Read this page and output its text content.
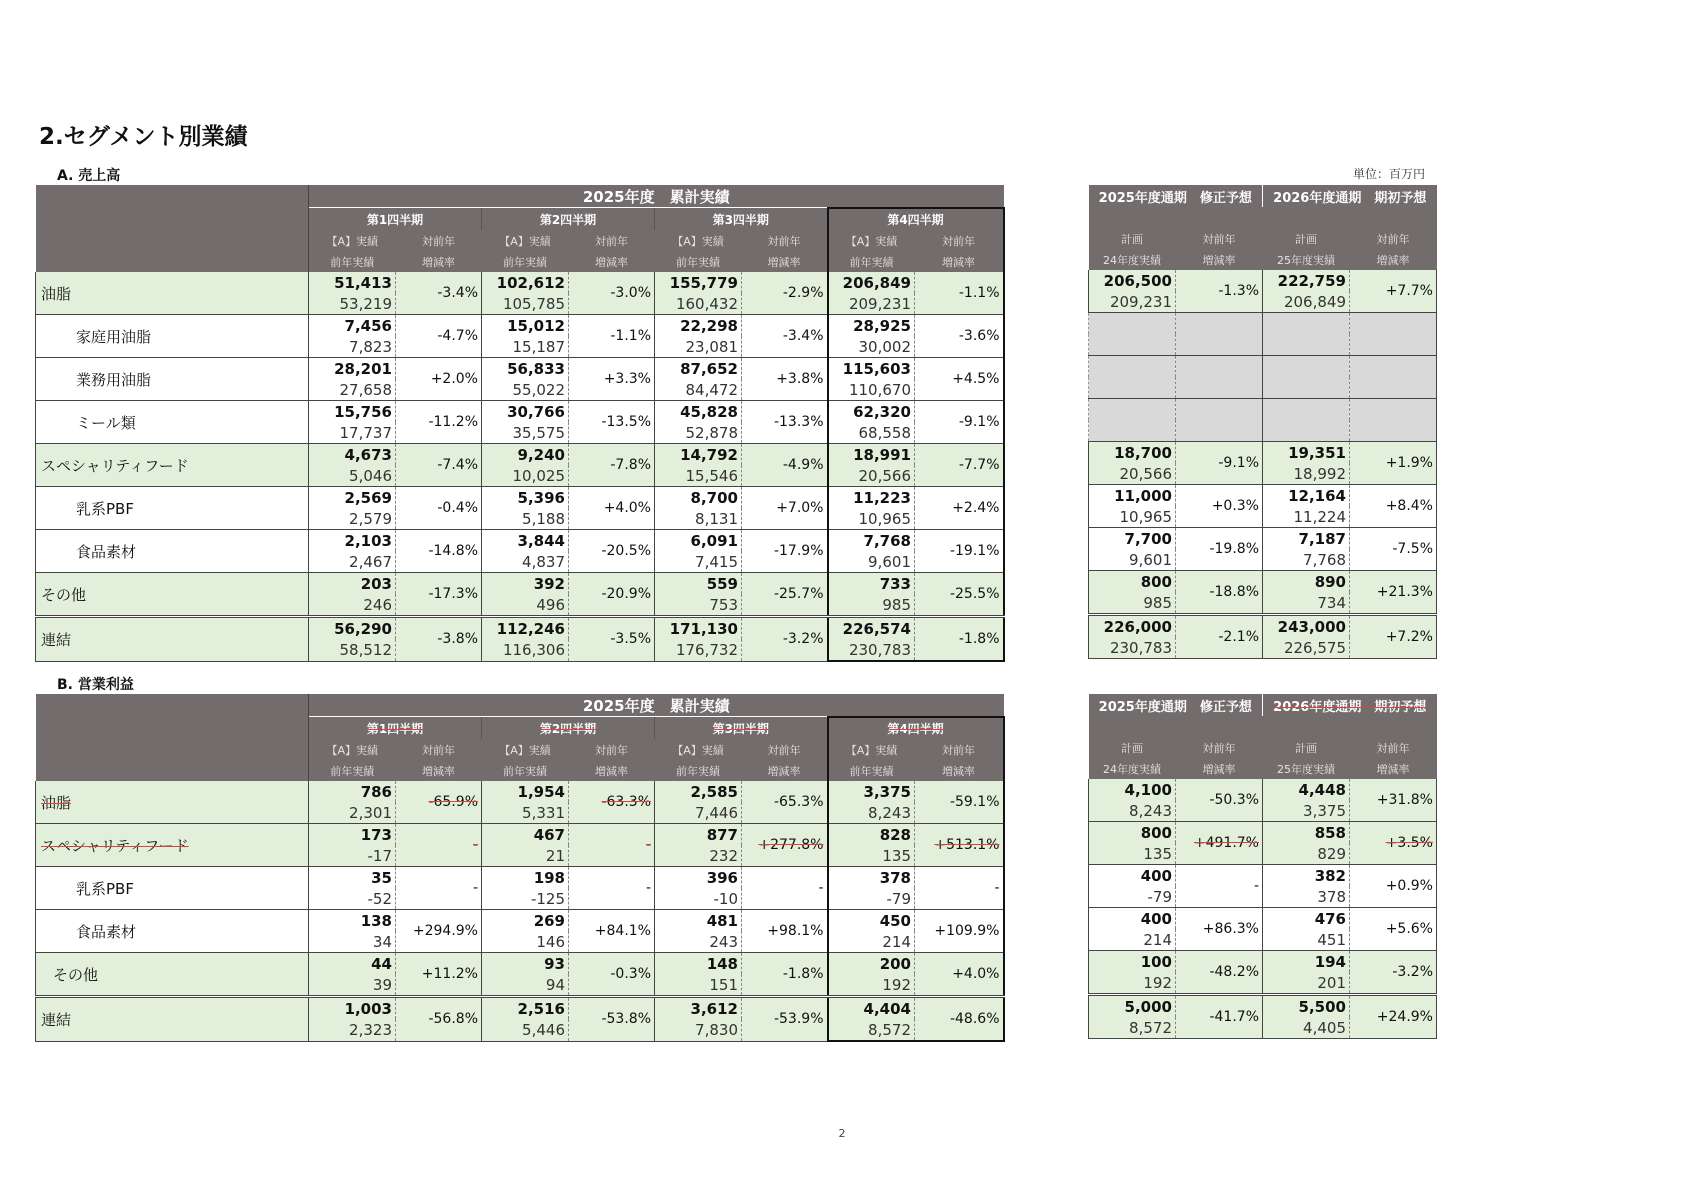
2.セグメント別業績
単位：百万円
A. 売上高
	2025年度　累計実績							
	第1四半期		第2四半期		第3四半期		第4四半期	
	【A】実績	対前年	【A】実績	対前年	【A】実績	対前年	【A】実績	対前年
	前年実績	増減率	前年実績	増減率	前年実績	増減率	前年実績	増減率
油脂	51,413	-3.4%	102,612	-3.0%	155,779	-2.9%	206,849	-1.1%
	53,219		105,785		160,432		209,231	
家庭用油脂	7,456	-4.7%	15,012	-1.1%	22,298	-3.4%	28,925	-3.6%
	7,823		15,187		23,081		30,002	
業務用油脂	28,201	+2.0%	56,833	+3.3%	87,652	+3.8%	115,603	+4.5%
	27,658		55,022		84,472		110,670	
ミール類	15,756	-11.2%	30,766	-13.5%	45,828	-13.3%	62,320	-9.1%
	17,737		35,575		52,878		68,558	
スペシャリティフード	4,673	-7.4%	9,240	-7.8%	14,792	-4.9%	18,991	-7.7%
	5,046		10,025		15,546		20,566	
乳系PBF	2,569	-0.4%	5,396	+4.0%	8,700	+7.0%	11,223	+2.4%
	2,579		5,188		8,131		10,965	
食品素材	2,103	-14.8%	3,844	-20.5%	6,091	-17.9%	7,768	-19.1%
	2,467		4,837		7,415		9,601	
その他	203	-17.3%	392	-20.9%	559	-25.7%	733	-25.5%
	246		496		753		985	
連結	56,290	-3.8%	112,246	-3.5%	171,130	-3.2%	226,574	-1.8%
	58,512		116,306		176,732		230,783	
2025年度通期　修正予想		2026年度通期　期初予想	

計画	対前年	計画	対前年
24年度実績	増減率	25年度実績	増減率
206,500	-1.3%	222,759	+7.7%
209,231		206,849	

18,700	-9.1%	19,351	+1.9%
20,566		18,992	
11,000	+0.3%	12,164	+8.4%
10,965		11,224	
7,700	-19.8%	7,187	-7.5%
9,601		7,768	
800	-18.8%	890	+21.3%
985		734	
226,000	-2.1%	243,000	+7.2%
230,783		226,575	
B. 営業利益
	2025年度　累計実績							
	第1四半期		第2四半期		第3四半期		第4四半期	
	【A】実績	対前年	【A】実績	対前年	【A】実績	対前年	【A】実績	対前年
	前年実績	増減率	前年実績	増減率	前年実績	増減率	前年実績	増減率
油脂	786	-65.9%	1,954	-63.3%	2,585	-65.3%	3,375	-59.1%
	2,301		5,331		7,446		8,243	
スペシャリティフード	173	-	467	-	877	+277.8%	828	+513.1%
	-17		21		232		135	
乳系PBF	35	-	198	-	396	-	378	-
	-52		-125		-10		-79	
食品素材	138	+294.9%	269	+84.1%	481	+98.1%	450	+109.9%
	34		146		243		214	
その他	44	+11.2%	93	-0.3%	148	-1.8%	200	+4.0%
	39		94		151		192	
連結	1,003	-56.8%	2,516	-53.8%	3,612	-53.9%	4,404	-48.6%
	2,323		5,446		7,830		8,572	
2025年度通期　修正予想		2026年度通期　期初予想	

計画	対前年	計画	対前年
24年度実績	増減率	25年度実績	増減率
4,100	-50.3%	4,448	+31.8%
8,243		3,375	
800	+491.7%	858	+3.5%
135		829	
400	-	382	+0.9%
-79		378	
400	+86.3%	476	+5.6%
214		451	
100	-48.2%	194	-3.2%
192		201	
5,000	-41.7%	5,500	+24.9%
8,572		4,405	
2
